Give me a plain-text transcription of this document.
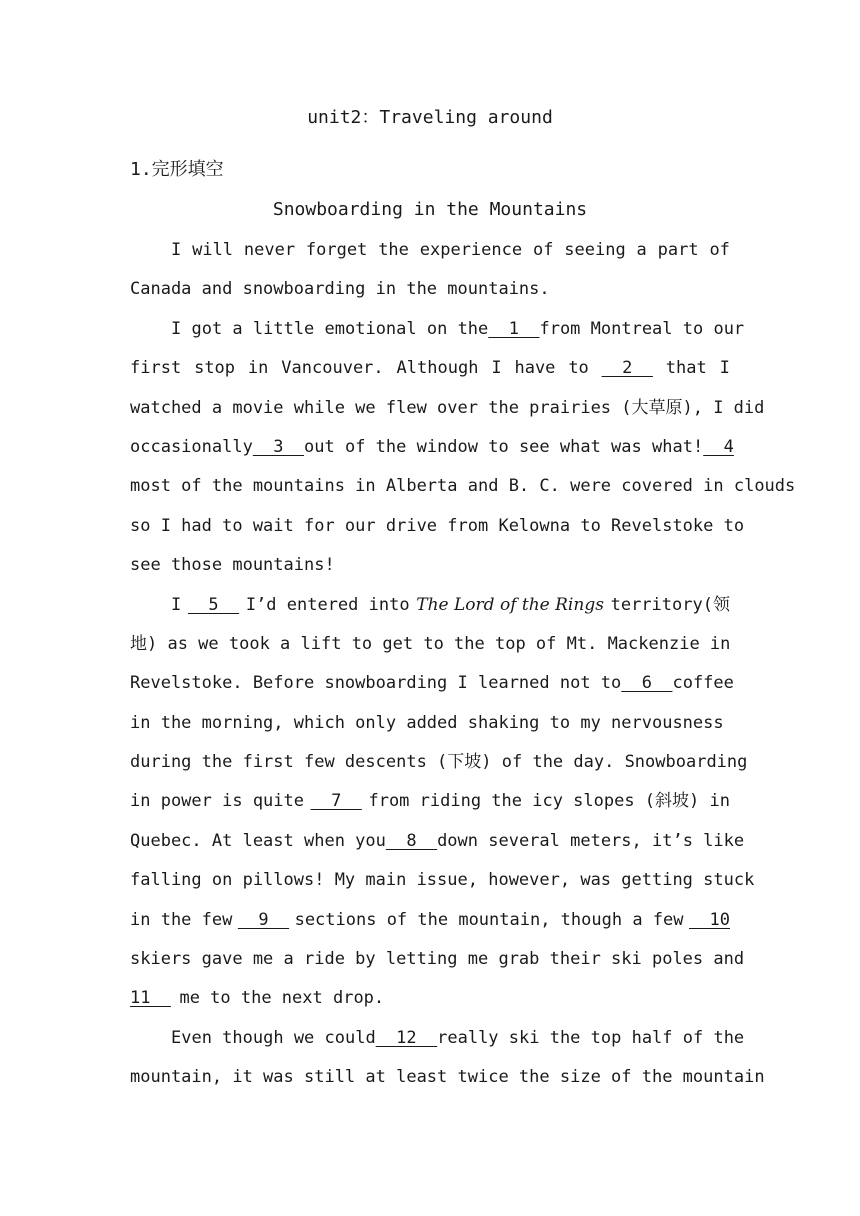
unit2：Traveling around
1.完形填空
Snowboarding in the Mountains
I will never forget the experience of seeing a part of
Canada and snowboarding in the mountains.
I got a little emotional on the 1 from Montreal to our
first stop in Vancouver. Although I have to 2 that I
watched a movie while we flew over the prairies (大草原), I did
occasionally 3 out of the window to see what was what! 4
most of the mountains in Alberta and B. C. were covered in clouds
so I had to wait for our drive from Kelowna to Revelstoke to
see those mountains!
I 5 I’d entered into The Lord of the Rings territory(领
地) as we took a lift to get to the top of Mt. Mackenzie in
Revelstoke. Before snowboarding I learned not to 6 coffee
in the morning, which only added shaking to my nervousness
during the first few descents (下坡) of the day. Snowboarding
in power is quite 7 from riding the icy slopes (斜坡) in
Quebec. At least when you 8 down several meters, it’s like
falling on pillows! My main issue, however, was getting stuck
in the few 9 sections of the mountain, though a few 10
skiers gave me a ride by letting me grab their ski poles and
11 me to the next drop.
Even though we could 12 really ski the top half of the
mountain, it was still at least twice the size of the mountain
